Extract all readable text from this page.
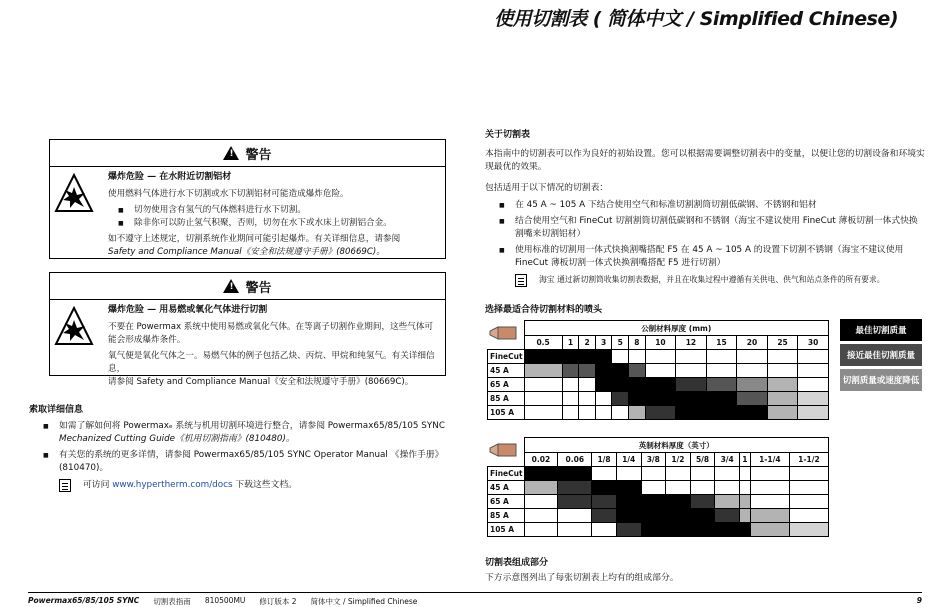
使用切割表 ( 简体中文 / Simplified Chinese)
! 警告

爆炸危险 — 在水附近切割铝材

使用燃料气体进行水下切割或水下切割铝材可能造成爆炸危险。

■ 切勿使用含有氢气的气体燃料进行水下切割。
■ 除非你可以防止氢气积聚，否则，切勿在水下或水床上切割铝合金。

如不遵守上述规定，切割系统作业期间可能引起爆炸。有关详细信息，请参阅
Safety and Compliance Manual《安全和法规遵守手册》(80669C)。

! 警告

爆炸危险 — 用易燃或氧化气体进行切割

不要在 Powermax 系统中使用易燃或氧化气体。在等离子切割作业期间，这些气体可能会形成爆炸条件。

氧气便是氧化气体之一。易燃气体的例子包括乙炔、丙烷、甲烷和纯氢气。有关详细信息，
请参阅 Safety and Compliance Manual《安全和法规遵守手册》(80669C)。

索取详细信息
■ 如需了解如何将 Powermaxₑ 系统与机用切割环境进行整合，请参阅 Powermax65/85/105 SYNC
Mechanized Cutting Guide《机用切割指南》(810480)。
■ 有关您的系统的更多详情，请参阅 Powermax65/85/105 SYNC Operator Manual 《操作手册》(810470)。
可访问 www.hypertherm.com/docs 下载这些文档。
关于切割表
本指南中的切割表可以作为良好的初始设置。您可以根据需要调整切割表中的变量，以便让您的切割设备和环境实现最优的效果。
包括适用于以下情况的切割表：
■ 在 45 A ~ 105 A 下结合使用空气和标准切割割筒切割低碳钢、不锈钢和铝材
■ 结合使用空气和 FineCut 切割割筒切割低碳钢和不锈钢（海宝不建议使用 FineCut 薄板切割一体式快换割嘴来切割铝材）
■ 使用标准的切割用一体式快换割嘴搭配 F5 在 45 A ~ 105 A 的设置下切割不锈钢（海宝不建议使用 FineCut 薄板切割一体式快换割嘴搭配 F5 进行切割）
海宝 通过新切割筒收集切割表数据，并且在收集过程中遵循有关供电、供气和站点条件的所有要求。
选择最适合待切割材料的喷头
	公制材料厚度 (mm)											
	0.5	1	2	3	5	8	10	12	15	20	25	30
FineCut												
45 A												
65 A												
85 A												
105 A												
	英制材料厚度（英寸）										
	0.02	0.06	1/8	1/4	3/8	1/2	5/8	3/4	1	1-1/4	1-1/2
FineCut											
45 A											
65 A											
85 A											
105 A											
最佳切割质量
接近最佳切割质量
切割质量或速度降低
切割表组成部分
下方示意图列出了每张切割表上均有的组成部分。
Powermax65/85/105 SYNC 切割表指南 810500MU 修订版本 2 简体中文 / Simplified Chinese	9
